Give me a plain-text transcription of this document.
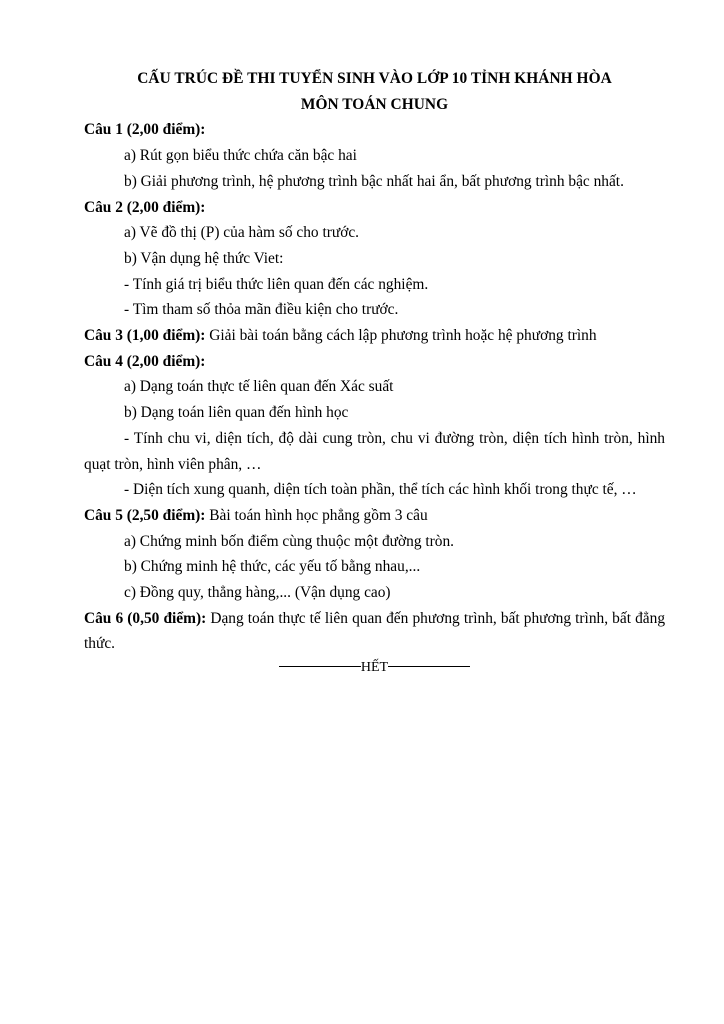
CẤU TRÚC ĐỀ THI TUYỂN SINH VÀO LỚP 10 TỈNH KHÁNH HÒA
MÔN TOÁN CHUNG
Câu 1 (2,00 điểm):
a) Rút gọn biểu thức chứa căn bậc hai
b) Giải phương trình, hệ phương trình bậc nhất hai ẩn, bất phương trình bậc nhất.
Câu 2 (2,00 điểm):
a) Vẽ đồ thị (P) của hàm số cho trước.
b) Vận dụng hệ thức Viet:
- Tính giá trị biểu thức liên quan đến các nghiệm.
- Tìm tham số thỏa mãn điều kiện cho trước.
Câu 3 (1,00 điểm): Giải bài toán bằng cách lập phương trình hoặc hệ phương trình
Câu 4 (2,00 điểm):
a) Dạng toán thực tế liên quan đến Xác suất
b) Dạng toán liên quan đến hình học
- Tính chu vi, diện tích, độ dài cung tròn, chu vi đường tròn, diện tích hình tròn, hình quạt tròn, hình viên phân, …
- Diện tích xung quanh, diện tích toàn phần, thể tích các hình khối trong thực tế, …
Câu 5 (2,50 điểm): Bài toán hình học phẳng gồm 3 câu
a) Chứng minh bốn điểm cùng thuộc một đường tròn.
b) Chứng minh hệ thức, các yếu tố bằng nhau,...
c) Đồng quy, thẳng hàng,... (Vận dụng cao)
Câu 6 (0,50 điểm): Dạng toán thực tế liên quan đến phương trình, bất phương trình, bất đẳng thức.
HẾT
